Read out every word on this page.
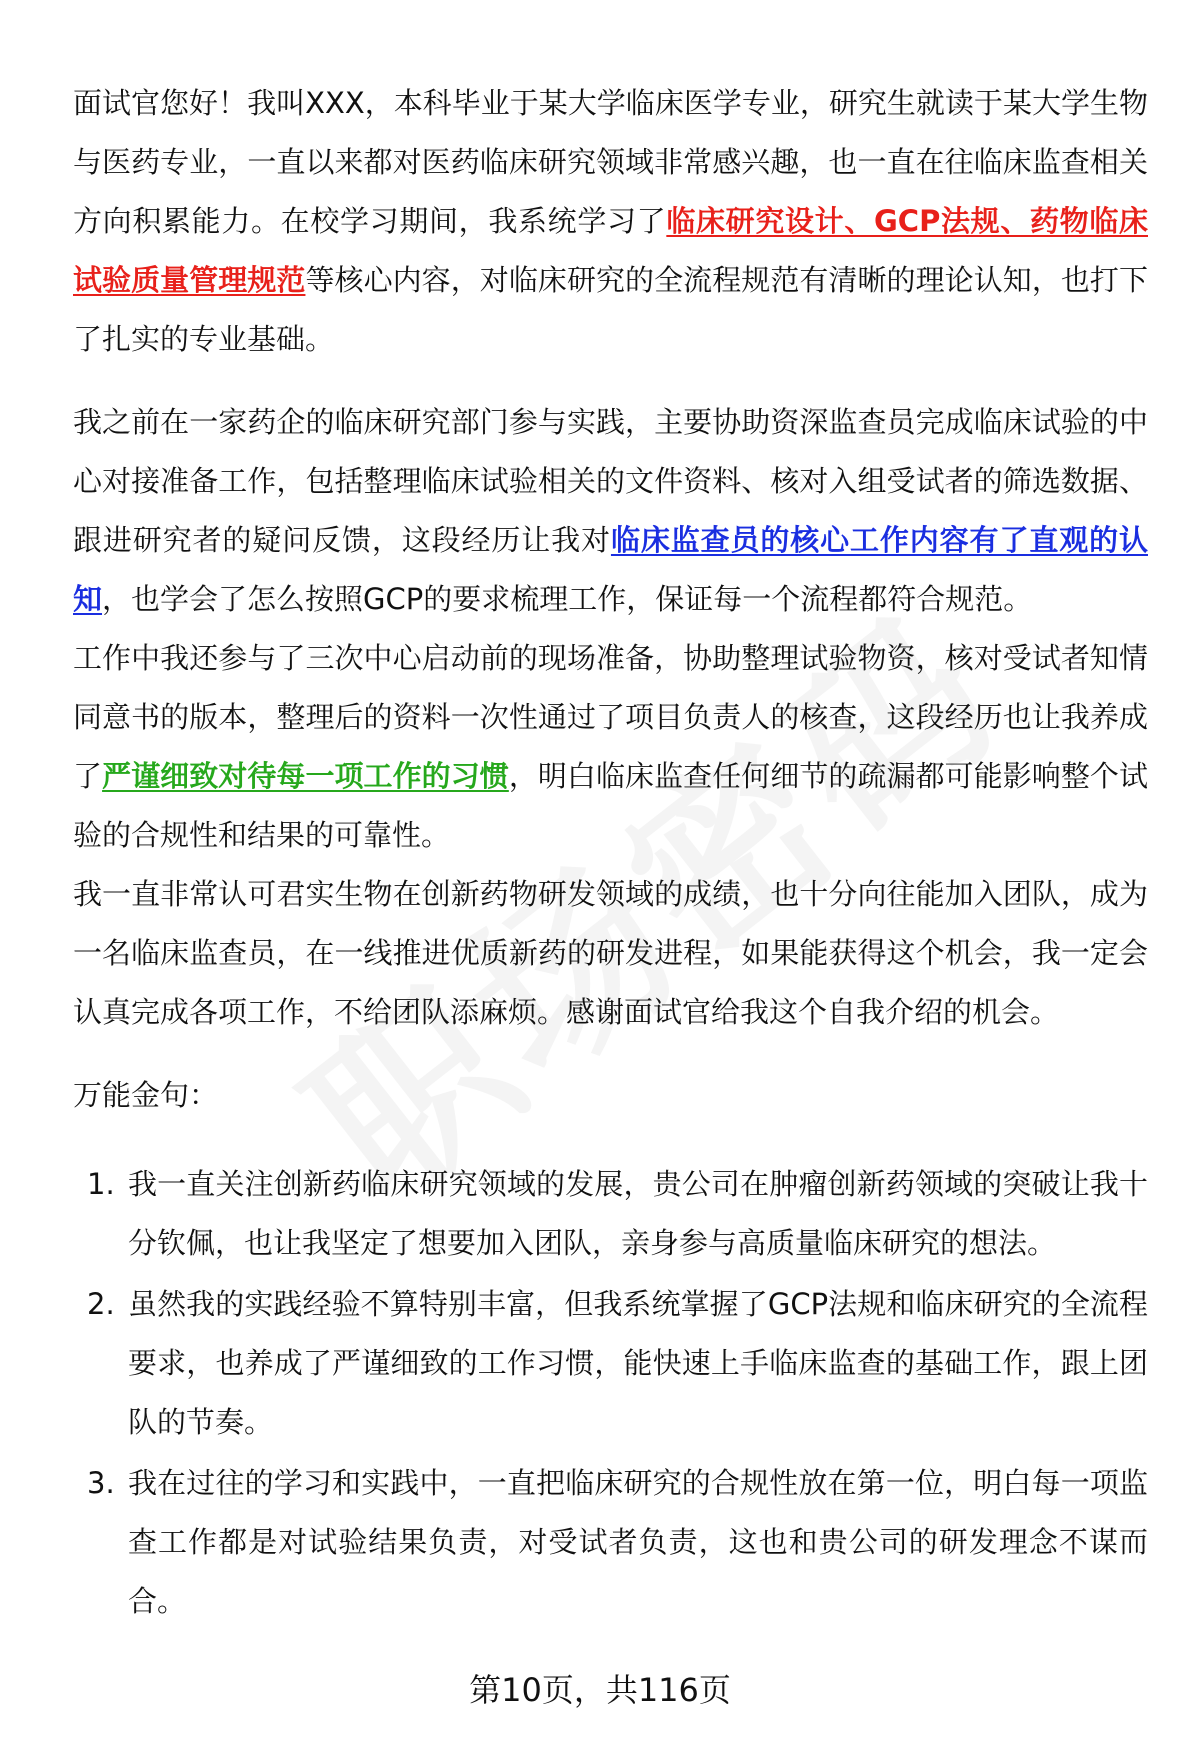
面试官您好！我叫XXX，本科毕业于某大学临床医学专业，研究生就读于某大学生物与医药专业，一直以来都对医药临床研究领域非常感兴趣，也一直在往临床监查相关方向积累能力。在校学习期间，我系统学习了临床研究设计、GCP法规、药物临床试验质量管理规范等核心内容，对临床研究的全流程规范有清晰的理论认知，也打下了扎实的专业基础。

我之前在一家药企的临床研究部门参与实践，主要协助资深监查员完成临床试验的中心对接准备工作，包括整理临床试验相关的文件资料、核对入组受试者的筛选数据、跟进研究者的疑问反馈，这段经历让我对临床监查员的核心工作内容有了直观的认知，也学会了怎么按照GCP的要求梳理工作，保证每一个流程都符合规范。

工作中我还参与了三次中心启动前的现场准备，协助整理试验物资，核对受试者知情同意书的版本，整理后的资料一次性通过了项目负责人的核查，这段经历也让我养成了严谨细致对待每一项工作的习惯，明白临床监查任何细节的疏漏都可能影响整个试验的合规性和结果的可靠性。

我一直非常认可君实生物在创新药物研发领域的成绩，也十分向往能加入团队，成为一名临床监查员，在一线推进优质新药的研发进程，如果能获得这个机会，我一定会认真完成各项工作，不给团队添麻烦。感谢面试官给我这个自我介绍的机会。

万能金句：

1. 我一直关注创新药临床研究领域的发展，贵公司在肿瘤创新药领域的突破让我十分钦佩，也让我坚定了想要加入团队，亲身参与高质量临床研究的想法。
2. 虽然我的实践经验不算特别丰富，但我系统掌握了GCP法规和临床研究的全流程要求，也养成了严谨细致的工作习惯，能快速上手临床监查的基础工作，跟上团队的节奏。
3. 我在过往的学习和实践中，一直把临床研究的合规性放在第一位，明白每一项监查工作都是对试验结果负责，对受试者负责，这也和贵公司的研发理念不谋而合。
第10页，共116页
